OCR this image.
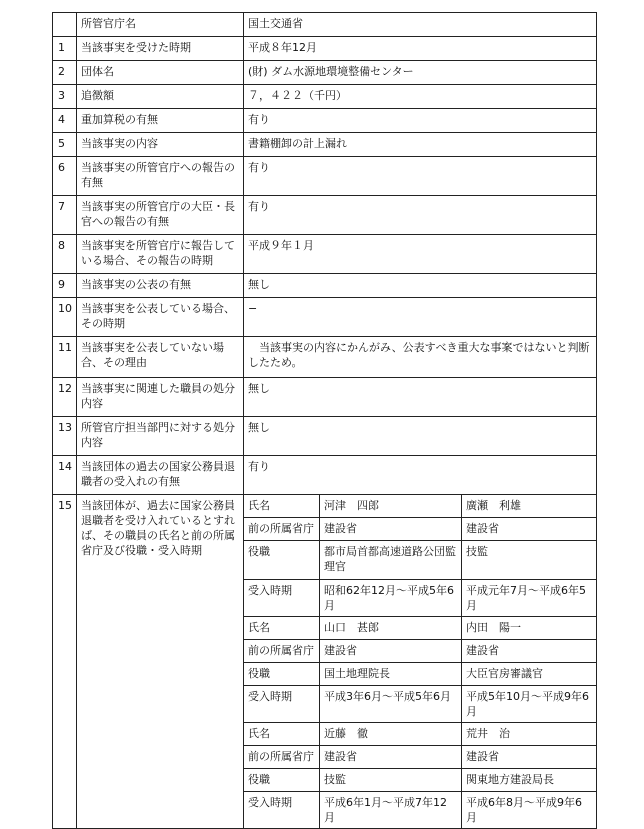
	所管官庁名	国土交通省
1	当該事実を受けた時期	平成８年12月
2	団体名	(財) ダム水源地環境整備センター
3	追徴額	７，４２２（千円）
4	重加算税の有無	有り
5	当該事実の内容	書籍棚卸の計上漏れ
6	当該事実の所管官庁への報告の有無	有り
7	当該事実の所管官庁の大臣・長官への報告の有無	有り
8	当該事実を所管官庁に報告している場合、その報告の時期	平成９年１月
9	当該事実の公表の有無	無し
10	当該事実を公表している場合、その時期	−
11	当該事実を公表していない場合、その理由	当該事実の内容にかんがみ、公表すべき重大な事案ではないと判断したため。
12	当該事実に関連した職員の処分内容	無し
13	所管官庁担当部門に対する処分内容	無し
14	当該団体の過去の国家公務員退職者の受入れの有無	有り
15	当該団体が、過去に国家公務員退職者を受け入れているとすれば、その職員の氏名と前の所属省庁及び役職・受入時期	
氏名	河津　四郎	廣瀬　利雄
前の所属省庁	建設省	建設省
役職	都市局首都高速道路公団監理官	技監
受入時期	昭和62年12月〜平成5年6月	平成元年7月〜平成6年5月
氏名	山口　甚郎	内田　陽一
前の所属省庁	建設省	建設省
役職	国土地理院長	大臣官房審議官
受入時期	平成3年6月〜平成5年6月	平成5年10月〜平成9年6月
氏名	近藤　徹	荒井　治
前の所属省庁	建設省	建設省
役職	技監	関東地方建設局長
受入時期	平成6年1月〜平成7年12月	平成6年8月〜平成9年6月
